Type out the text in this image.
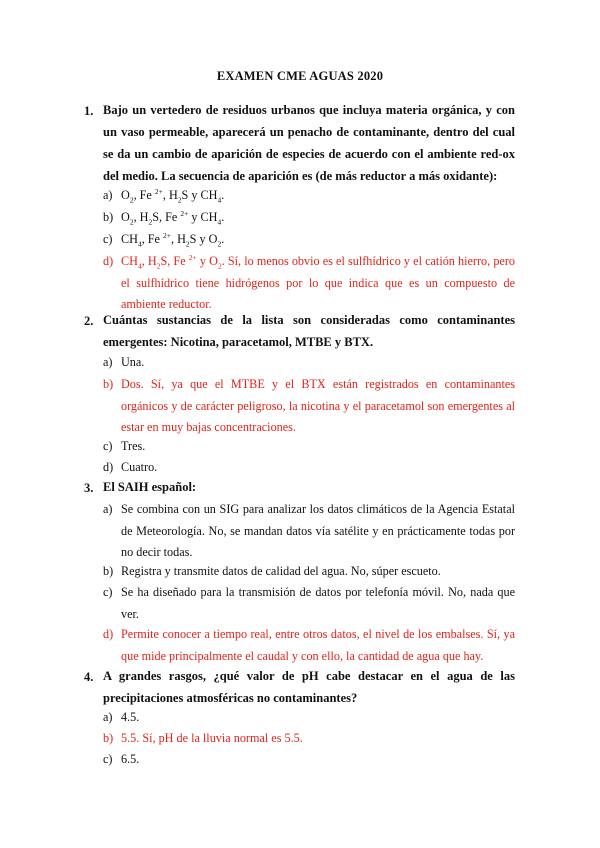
EXAMEN CME AGUAS 2020
1. Bajo un vertedero de residuos urbanos que incluya materia orgánica, y con un vaso permeable, aparecerá un penacho de contaminante, dentro del cual se da un cambio de aparición de especies de acuerdo con el ambiente red-ox del medio. La secuencia de aparición es (de más reductor a más oxidante):
a) $O_2$, Fe $^{2+}$, $H_2S$ y $CH_4$.
b) $O_2$, $H_2S$, Fe $^{2+}$ y $CH_4$.
c) $CH_4$, Fe $^{2+}$, $H_2S$ y $O_2$.
d) $CH_4$, $H_2S$, Fe $^{2+}$ y $O_2$. Sí, lo menos obvio es el sulfhídrico y el catión hierro, pero el sulfhídrico tiene hidrógenos por lo que indica que es un compuesto de ambiente reductor.
2. Cuántas sustancias de la lista son consideradas como contaminantes emergentes: Nicotina, paracetamol, MTBE y BTX.
a) Una.
b) Dos. Sí, ya que el MTBE y el BTX están registrados en contaminantes orgánicos y de carácter peligroso, la nicotina y el paracetamol son emergentes al estar en muy bajas concentraciones.
c) Tres.
d) Cuatro.
3. El SAIH español:
a) Se combina con un SIG para analizar los datos climáticos de la Agencia Estatal de Meteorología. No, se mandan datos vía satélite y en prácticamente todas por no decir todas.
b) Registra y transmite datos de calidad del agua. No, súper escueto.
c) Se ha diseñado para la transmisión de datos por telefonía móvil. No, nada que ver.
d) Permite conocer a tiempo real, entre otros datos, el nivel de los embalses. Sí, ya que mide principalmente el caudal y con ello, la cantidad de agua que hay.
4. A grandes rasgos, ¿qué valor de pH cabe destacar en el agua de las precipitaciones atmosféricas no contaminantes?
a) 4.5.
b) 5.5. Sí, pH de la lluvia normal es 5.5.
c) 6.5.
